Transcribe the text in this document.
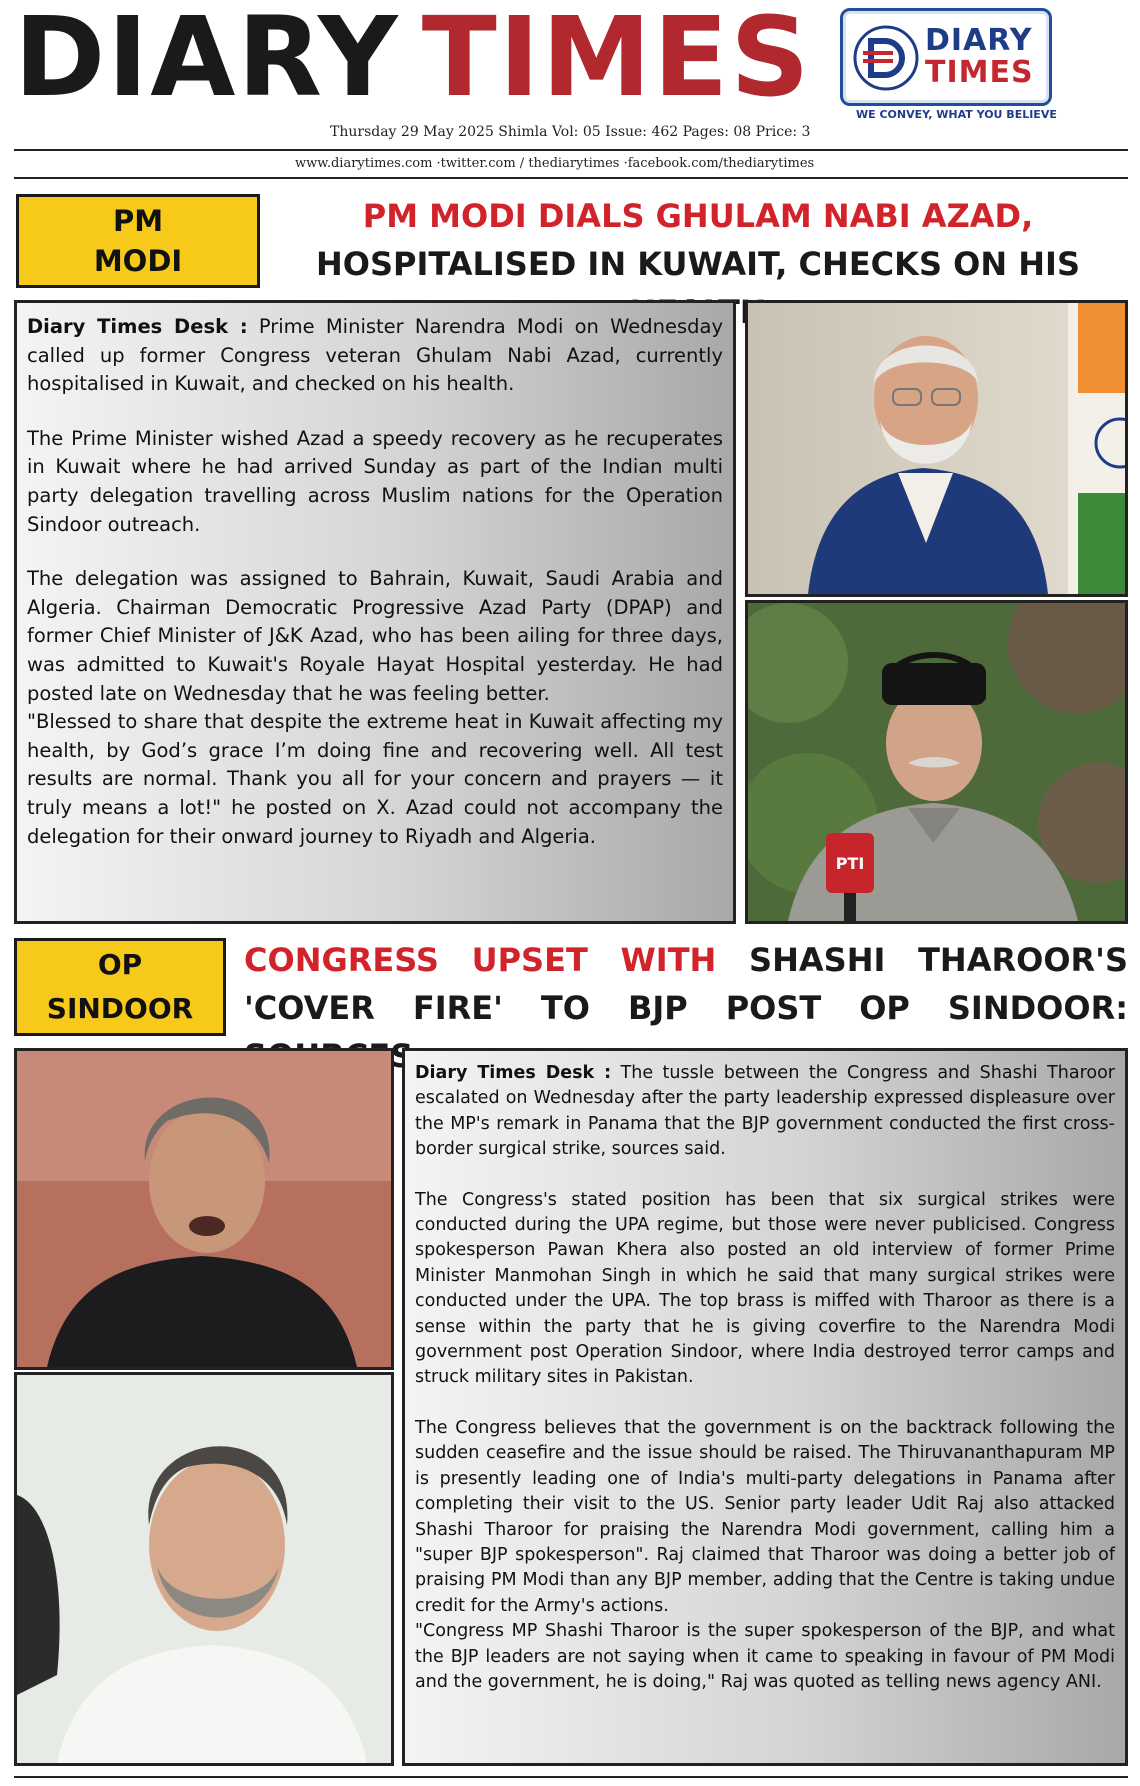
DIARY TIMES	DIARY
TIMES
WE CONVEY, WHAT YOU BELIEVE
Thursday 29 May 2025 Shimla Vol: 05 Issue: 462 Pages: 08 Price: 3
www.diarytimes.com ·twitter.com / thediarytimes ·facebook.com/thediarytimes
PM
MODI
PM MODI DIALS GHULAM NABI AZAD, HOSPITALISED IN KUWAIT, CHECKS ON HIS

Diary Times Desk : Prime Minister Narendra Modi on Wednesday called up former Congress veteran Ghulam Nabi Azad, currently hospitalised in Kuwait, and checked on his health.

The Prime Minister wished Azad a speedy recovery as he recuperates in Kuwait where he had arrived Sunday as part of the Indian multi party delegation travelling across Muslim nations for the Operation Sindoor outreach.

The delegation was assigned to Bahrain, Kuwait, Saudi Arabia and Algeria. Chairman Democratic Progressive Azad Party (DPAP) and former Chief Minister of J&K Azad, who has been ailing for three days, was admitted to Kuwait's Royale Hayat Hospital yesterday. He had posted late on Wednesday that he was feeling better.

"Blessed to share that despite the extreme heat in Kuwait affecting my health, by God’s grace I’m doing fine and recovering well. All test results are normal. Thank you all for your concern and prayers — it truly means a lot!" he posted on X. Azad could not accompany the delegation for their onward journey to Riyadh and Algeria.

PTI
OP
SINDOOR
CONGRESS UPSET WITH SHASHI THAROOR'S 'COVER FIRE' TO BJP POST OP SINDOOR:

Diary Times Desk : The tussle between the Congress and Shashi Tharoor escalated on Wednesday after the party leadership expressed displeasure over the MP's remark in Panama that the BJP government conducted the first cross-border surgical strike, sources said.

The Congress's stated position has been that six surgical strikes were conducted during the UPA regime, but those were never publicised. Congress spokesperson Pawan Khera also posted an old interview of former Prime Minister Manmohan Singh in which he said that many surgical strikes were conducted under the UPA. The top brass is miffed with Tharoor as there is a sense within the party that he is giving coverfire to the Narendra Modi government post Operation Sindoor, where India destroyed terror camps and struck military sites in Pakistan.

The Congress believes that the government is on the backtrack following the sudden ceasefire and the issue should be raised. The Thiruvananthapuram MP is presently leading one of India's multi-party delegations in Panama after completing their visit to the US. Senior party leader Udit Raj also attacked Shashi Tharoor for praising the Narendra Modi government, calling him a "super BJP spokesperson". Raj claimed that Tharoor was doing a better job of praising PM Modi than any BJP member, adding that the Centre is taking undue credit for the Army's actions.

"Congress MP Shashi Tharoor is the super spokesperson of the BJP, and what the BJP leaders are not saying when it came to speaking in favour of PM Modi and the government, he is doing," Raj was quoted as telling news agency ANI.
